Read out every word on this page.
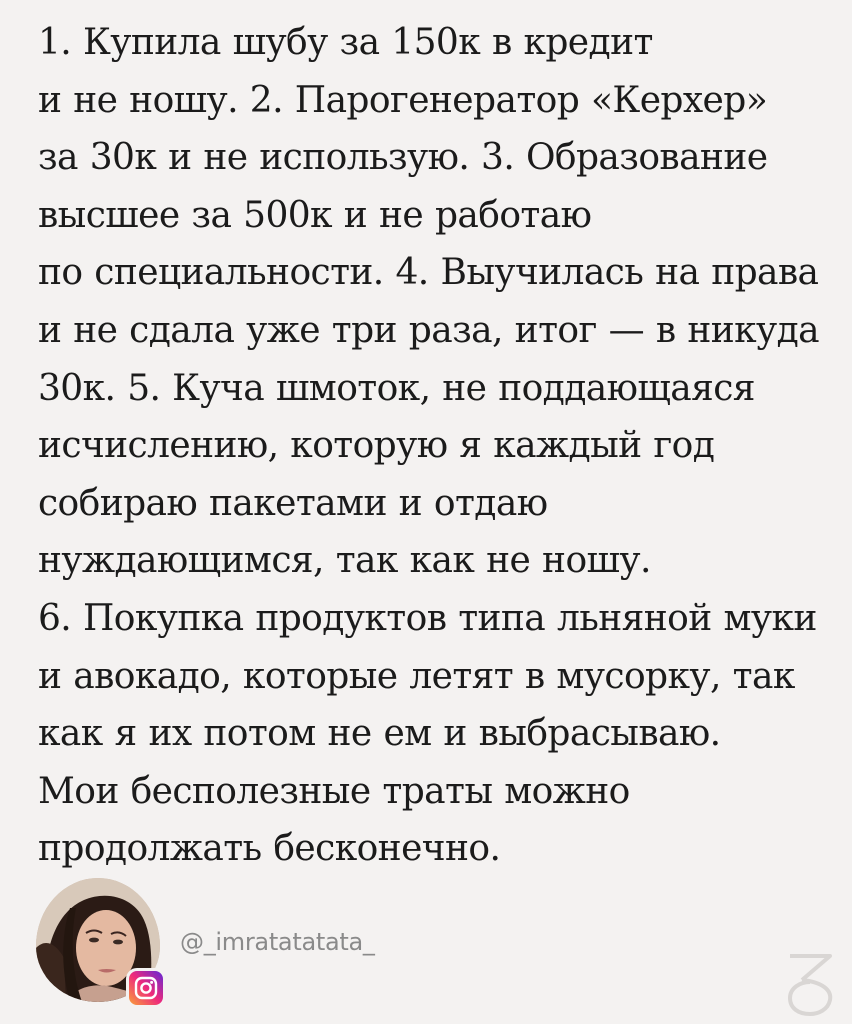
1. Купила шубу за 150к в кредит
и не ношу. 2. Парогенератор «Керхер»
за 30к и не использую. 3. Образование
высшее за 500к и не работаю
по специальности. 4. Выучилась на права
и не сдала уже три раза, итог — в никуда
30к. 5. Куча шмоток, не поддающаяся
исчислению, которую я каждый год
собираю пакетами и отдаю
нуждающимся, так как не ношу.
6. Покупка продуктов типа льняной муки
и авокадо, которые летят в мусорку, так
как я их потом не ем и выбрасываю.
Мои бесполезные траты можно
продолжать бесконечно.
@_imratatatata_
